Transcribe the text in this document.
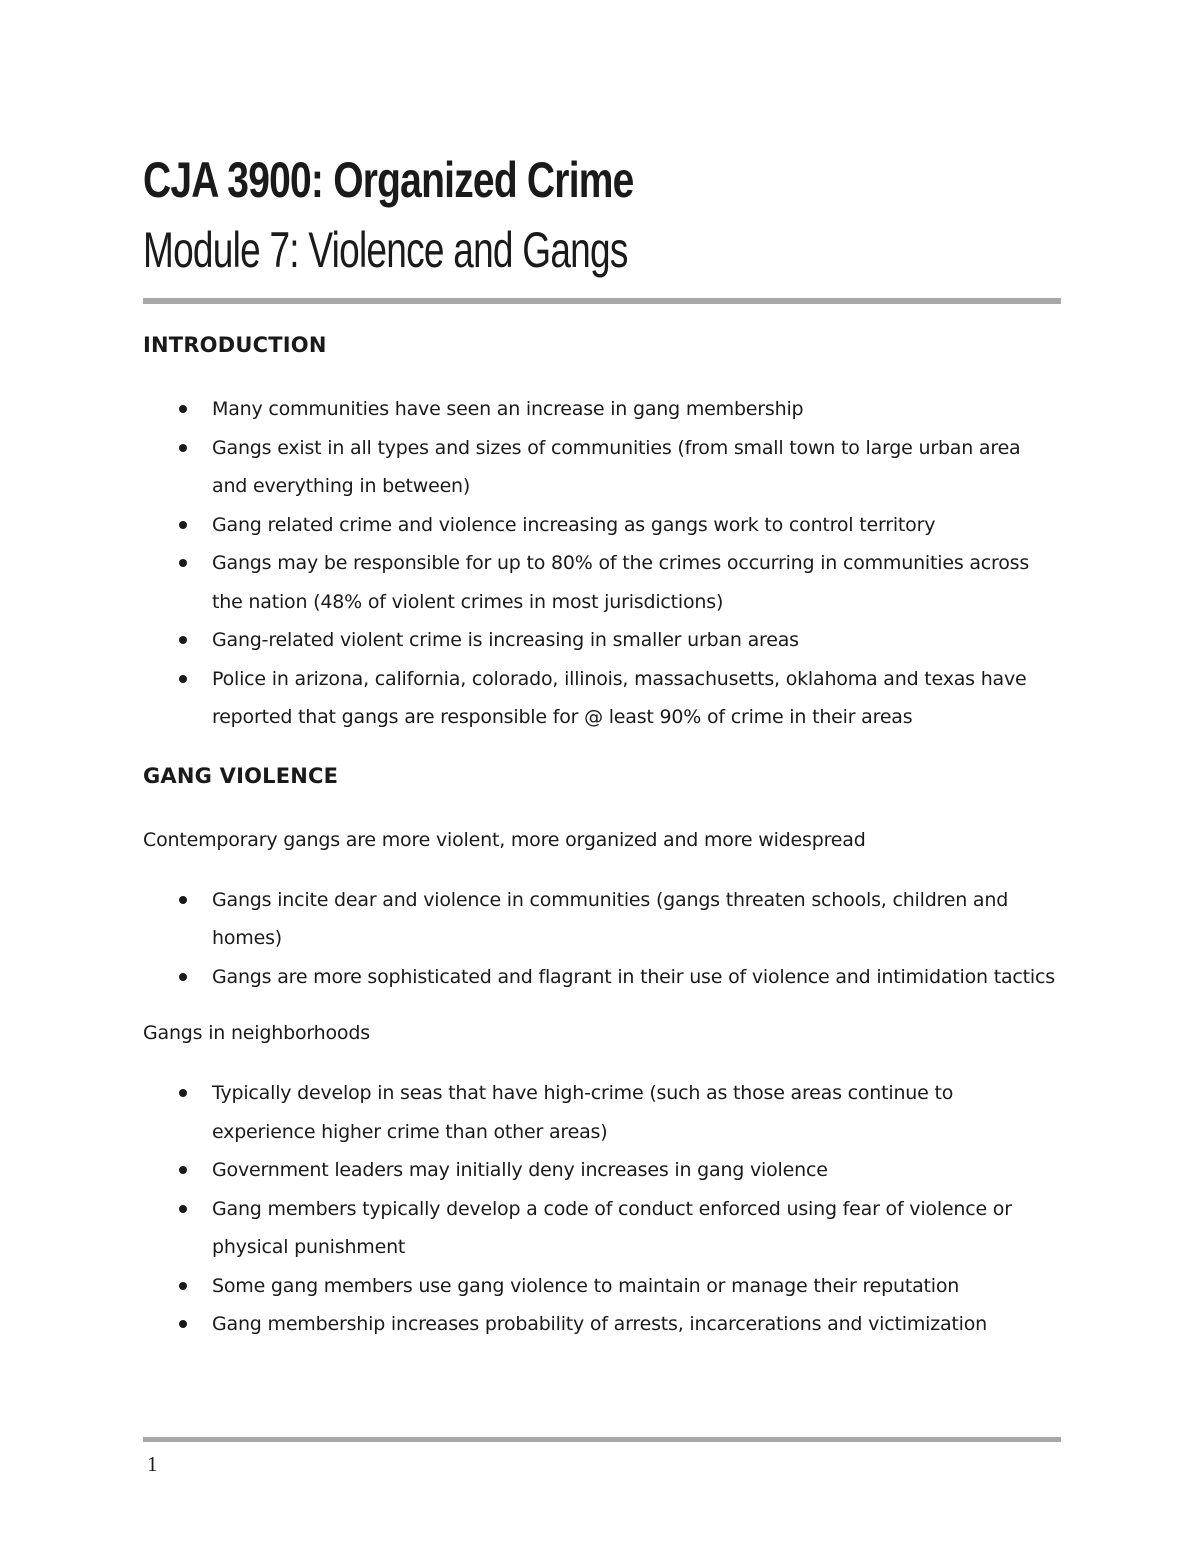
CJA 3900: Organized Crime
Module 7: Violence and Gangs
INTRODUCTION
Many communities have seen an increase in gang membership
Gangs exist in all types and sizes of communities (from small town to large urban area and everything in between)
Gang related crime and violence increasing as gangs work to control territory
Gangs may be responsible for up to 80% of the crimes occurring in communities across the nation (48% of violent crimes in most jurisdictions)
Gang-related violent crime is increasing in smaller urban areas
Police in arizona, california, colorado, illinois, massachusetts, oklahoma and texas have reported that gangs are responsible for @ least 90% of crime in their areas
GANG VIOLENCE

Contemporary gangs are more violent, more organized and more widespread

Gangs incite dear and violence in communities (gangs threaten schools, children and homes)
Gangs are more sophisticated and flagrant in their use of violence and intimidation tactics

Gangs in neighborhoods

Typically develop in seas that have high-crime (such as those areas continue to experience higher crime than other areas)
Government leaders may initially deny increases in gang violence
Gang members typically develop a code of conduct enforced using fear of violence or physical punishment
Some gang members use gang violence to maintain or manage their reputation
Gang membership increases probability of arrests, incarcerations and victimization
1
